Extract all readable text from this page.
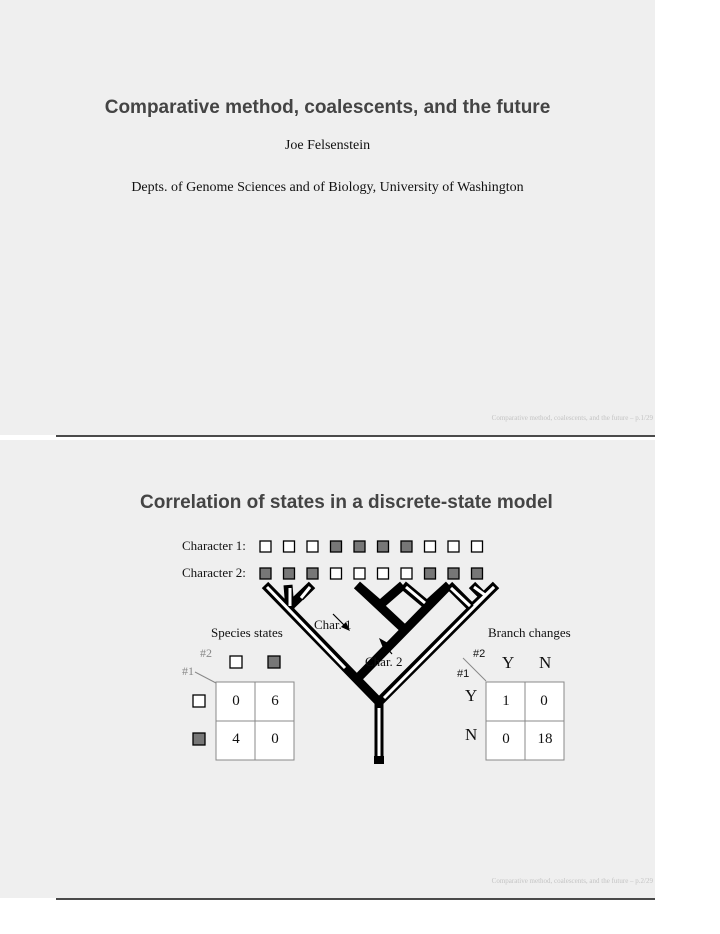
Comparative method, coalescents, and the future
Joe Felsenstein
Depts. of Genome Sciences and of Biology, University of Washington
Comparative method, coalescents, and the future – p.1/29
Correlation of states in a discrete-state model
Character 1:
Character 2:
Char. 1
Char. 2
Species states
#2
#1
0 6
4 0
Branch changes
#2
#1
Y N
Y
N
1 0
0 18
Comparative method, coalescents, and the future – p.2/29
